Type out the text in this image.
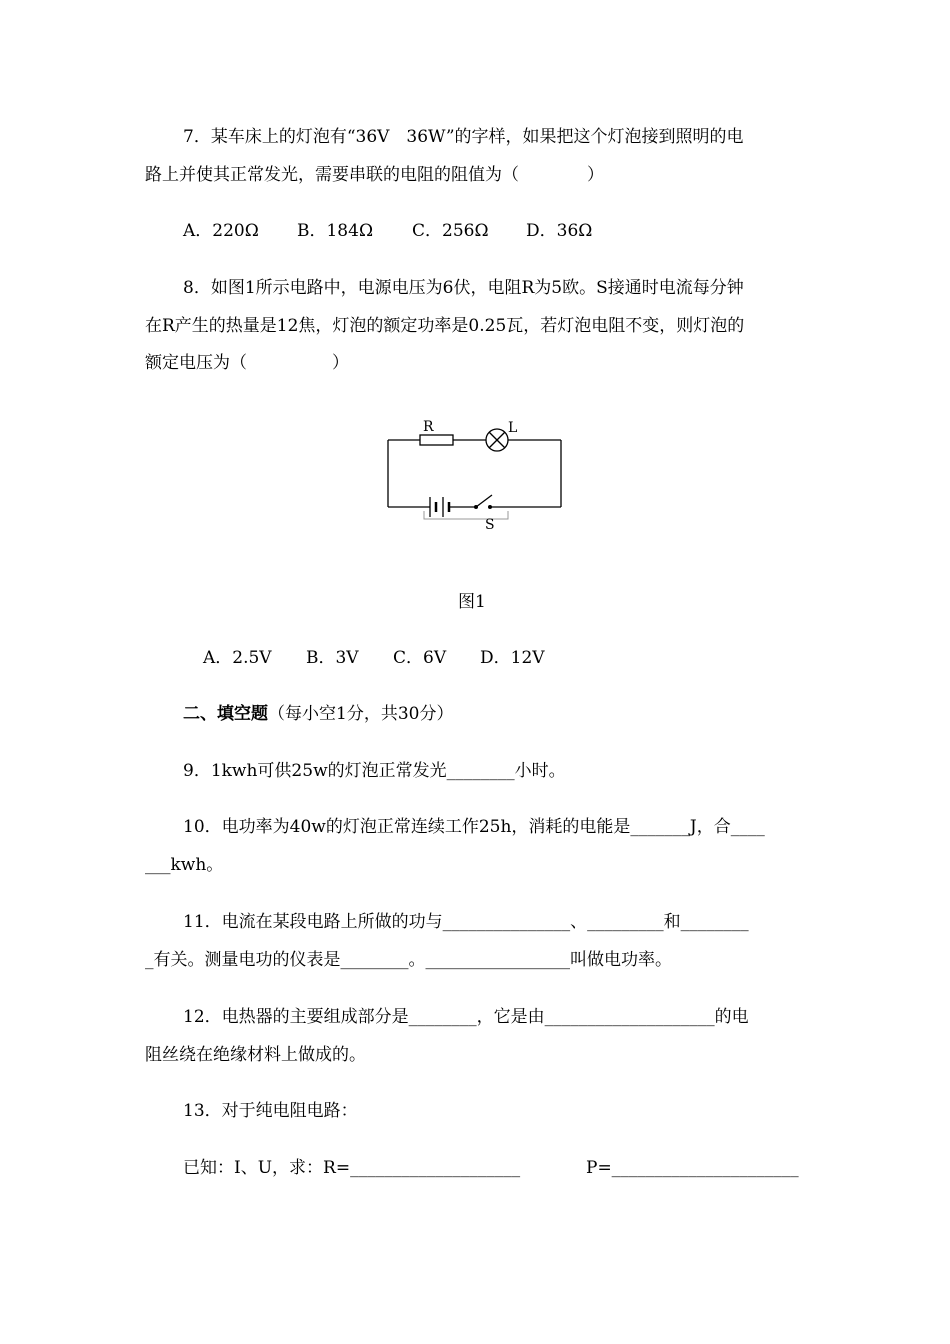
7．某车床上的灯泡有“36V　36W”的字样，如果把这个灯泡接到照明的电
路上并使其正常发光，需要串联的电阻的阻值为（　　　　）
A．220Ω B．184Ω C．256Ω D．36Ω
8．如图1所示电路中，电源电压为6伏，电阻R为5欧。S接通时电流每分钟
在R产生的热量是12焦，灯泡的额定功率是0.25瓦，若灯泡电阻不变，则灯泡的
额定电压为（　　　　　）
R	L
S
图1
A．2.5V B．3V C．6V D．12V
二、填空题（每小空1分，共30分）
9．1kwh可供25w的灯泡正常发光________小时。
10．电功率为40w的灯泡正常连续工作25h，消耗的电能是_______J，合____
___kwh。
11．电流在某段电路上所做的功与_______________、_________和________
_有关。测量电功的仪表是________。_________________叫做电功率。
12．电热器的主要组成部分是________，它是由____________________的电
阻丝绕在绝缘材料上做成的。
13．对于纯电阻电路：
已知：I、U，求：R=____________________	P=______________________
